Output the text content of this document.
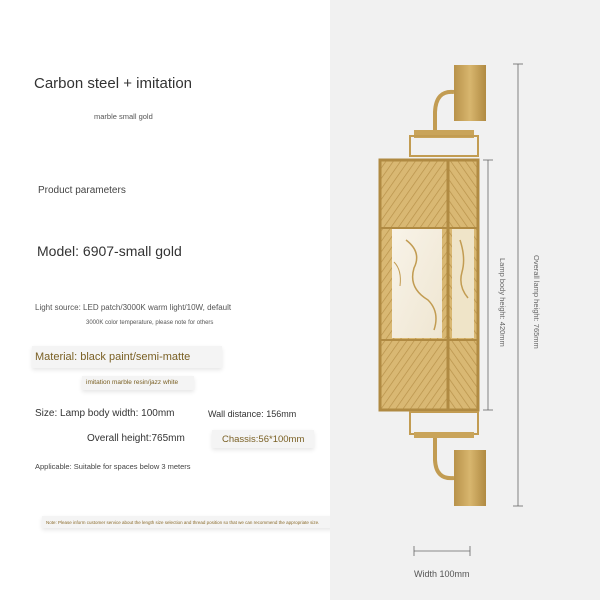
Carbon steel + imitation
marble small gold
Product parameters
Model: 6907-small gold
Light source: LED patch/3000K warm light/10W, default
3000K color temperature, please note for others
Material: black paint/semi-matte
imitation marble resin/jazz white
Size: Lamp body width: 100mm	Wall distance: 156mm
Overall height:765mm	Chassis:56*100mm
Applicable: Suitable for spaces below 3 meters
Note: Please inform customer service about the length size selection and thread position so that we can recommend the appropriate size.
Overall lamp height: 765mm
Lamp body height: 420mm
Width 100mm
